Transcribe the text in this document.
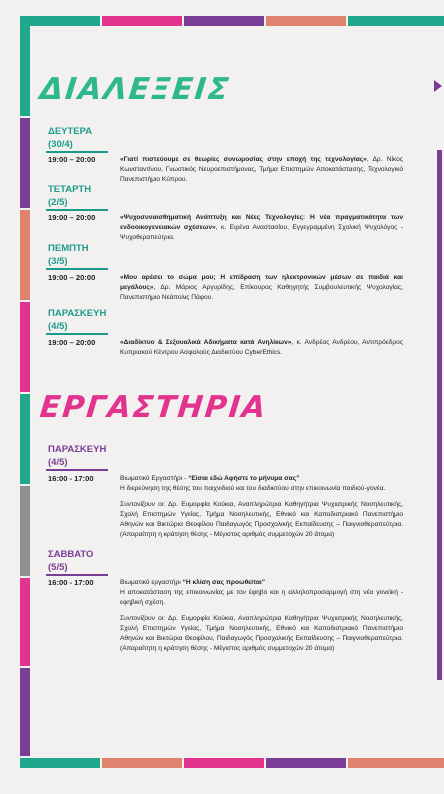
ΔΙΑΛΕΞΕΙΣ
ΔΕΥΤΕΡΑ
(30/4)
19:00 – 20:00	«Γιατί πιστεύουμε σε θεωρίες συνωμοσίας στην εποχή της τεχνολογίας», Δρ. Νίκος Κωνσταντίνου, Γνωστικός Νευροεπιστήμονας, Τμήμα Επιστημών Αποκατάστασης, Τεχνολογικό Πανεπιστήμιο Κύπρου.
ΤΕΤΑΡΤΗ
(2/5)
19:00 – 20:00	«Ψυχοσυναισθηματική Ανάπτυξη και Νέες Τεχνολογίες: Η νέα πραγματικότητα των ενδοοικογενειακών σχέσεων», κ. Ειρένα Αναστασίου, Εγγεγραμμένη Σχολική Ψυχολόγος - Ψυχοθεραπεύτρια.
ΠΕΜΠΤΗ
(3/5)
19:00 – 20:00	«Μου αρέσει το σώμα μου; Η επίδραση των ηλεκτρονικών μέσων σε παιδιά και μεγάλους», Δρ. Μάριος Αργυρίδης, Επίκουρος Καθηγητής Συμβουλευτικής Ψυχολογίας, Πανεπιστήμιο Νεάπολις Πάφου.
ΠΑΡΑΣΚΕΥΗ
(4/5)
19:00 – 20:00	«Διαδίκτυο & Σεξουαλικά Αδικήματα κατά Ανηλίκων», κ. Ανδρέας Ανδρέου, Αντιπρόεδρος Κυπριακού Κέντρου Ασφαλούς Διαδικτύου CyberEthics.
ΕΡΓΑΣΤΗΡΙΑ
ΠΑΡΑΣΚΕΥΗ
(4/5)
16:00 - 17:00	Βιωματικό Εργαστήρι - “Είσαι εδώ Αφήστε το μήνυμα σας”
Η διερεύνηση της θέσης του παιχνιδιού και του διαδικτύου στην επικοινωνία παιδιού-γονέα.

Συντονίζουν οι: Δρ. Ευμορφία Κούκια, Αναπληρώτρια Καθηγήτρια Ψυχιατρικής Νοσηλευτικής, Σχολή Επιστημών Υγείας, Τμήμα Νοσηλευτικής, Εθνικό και Καποδιστριακό Πανεπιστήμιο Αθηνών και Βικτώρια Θεοφίλου Παιδαγωγός Προσχολικής Εκπαίδευσης – Παιγνιοθεραπεύτρια. (Απαραίτητη η κράτηση θέσης - Μέγιστος αριθμός συμμετοχών 20 άτομα)

ΣΑΒΒΑΤΟ
(5/5)
16:00 - 17:00	Βιωματικό εργαστήρι “Η κλίση σας προωθείται”
Η αποκατάσταση της επικοινωνίας με τον έφηβο και η αλληλοπροσαρμογή στη νέα γονεϊκή - εφηβική σχέση.

Συντονίζουν οι: Δρ. Ευμορφία Κούκια, Αναπληρώτρια Καθηγήτρια Ψυχιατρικής Νοσηλευτικής, Σχολή Επιστημών Υγείας, Τμήμα Νοσηλευτικής, Εθνικό και Καποδιστριακό Πανεπιστήμιο Αθηνών και Βικτώρια Θεοφίλου, Παιδαγωγός Προσχολικής Εκπαίδευσης – Παιγνιοθεραπεύτρια. (Απαραίτητη η κράτηση θέσης - Μέγιστος αριθμός συμμετοχών 20 άτομα)
